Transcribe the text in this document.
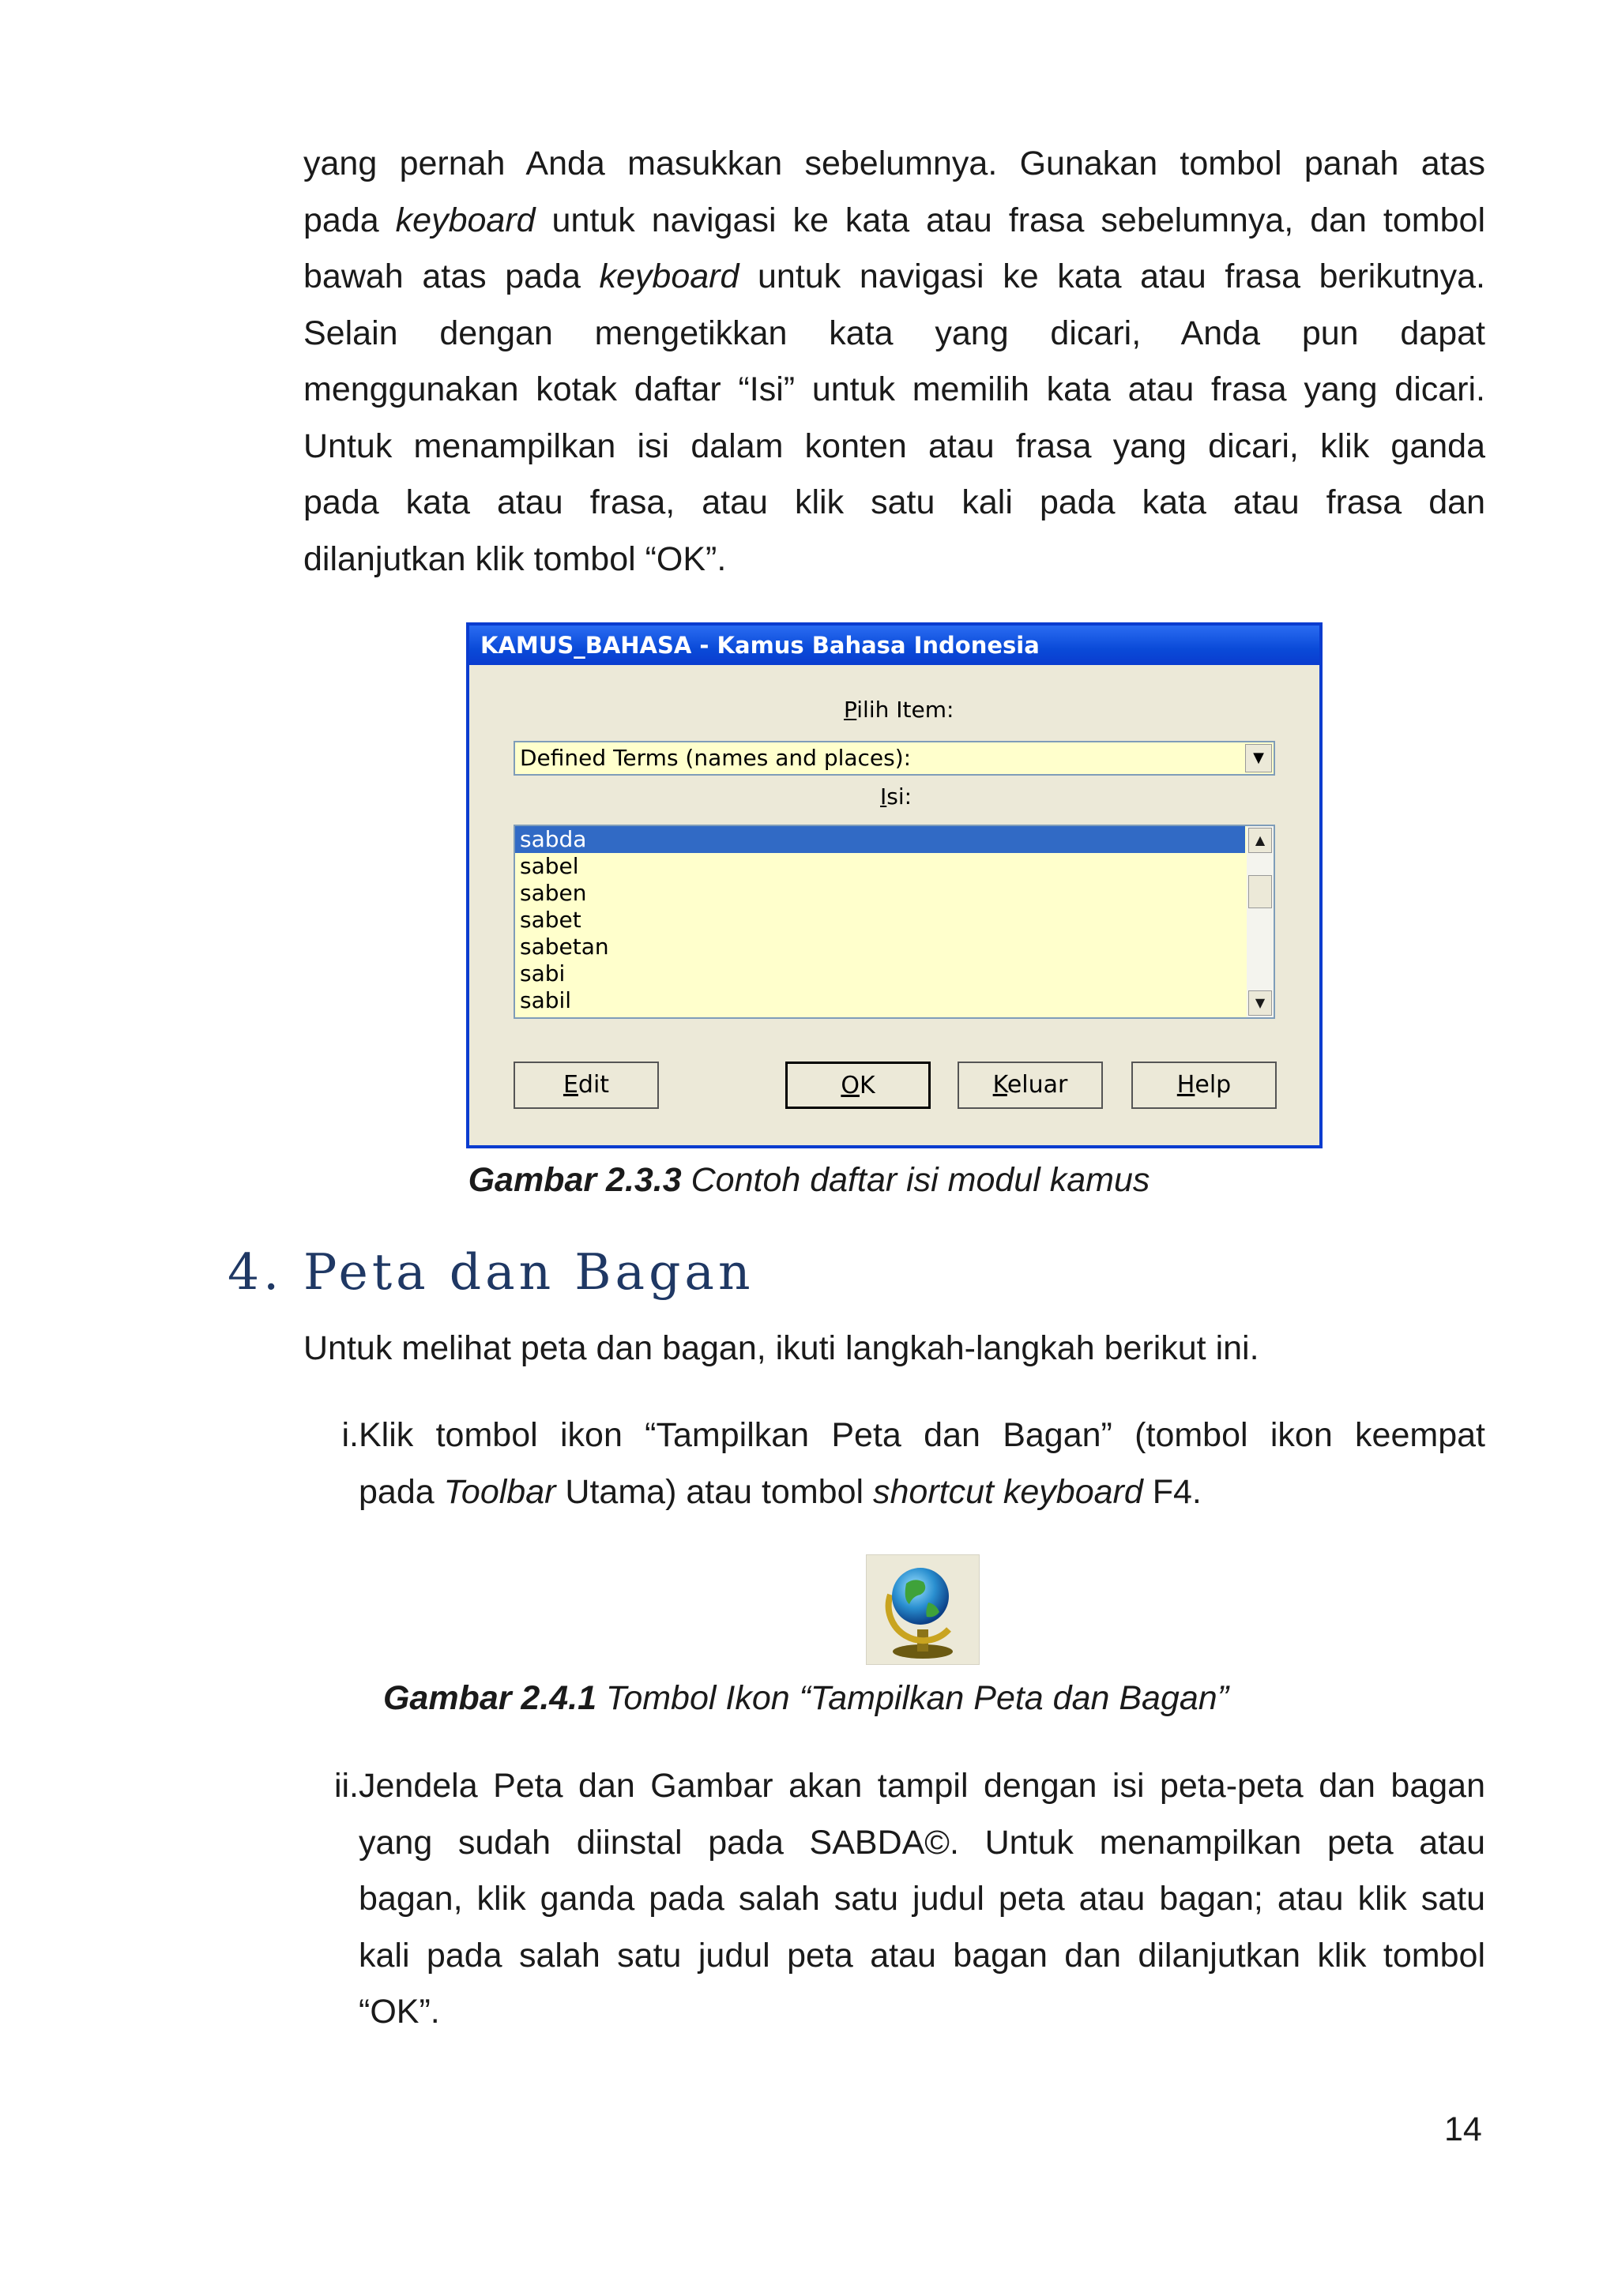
yang pernah Anda masukkan sebelumnya. Gunakan tombol panah atas
pada keyboard untuk navigasi ke kata atau frasa sebelumnya, dan tombol
bawah atas pada keyboard untuk navigasi ke kata atau frasa berikutnya.
Selain dengan mengetikkan kata yang dicari, Anda pun dapat
menggunakan kotak daftar “Isi” untuk memilih kata atau frasa yang dicari.
Untuk menampilkan isi dalam konten atau frasa yang dicari, klik ganda
pada kata atau frasa, atau klik satu kali pada kata atau frasa dan
dilanjutkan klik tombol “OK”.

KAMUS_BAHASA - Kamus Bahasa Indonesia
Pilih Item:
Defined Terms (names and places):	▼
Isi:
sabda
sabel
saben
sabet
sabetan
sabi
sabil
▲
▼
Edit	OK	Keluar	Help
Gambar 2.3.3 Contoh daftar isi modul kamus
4. Peta dan Bagan
Untuk melihat peta dan bagan, ikuti langkah-langkah berikut ini.
i. Klik tombol ikon “Tampilkan Peta dan Bagan” (tombol ikon keempat
pada Toolbar Utama) atau tombol shortcut keyboard F4.
Gambar 2.4.1 Tombol Ikon “Tampilkan Peta dan Bagan”
ii. Jendela Peta dan Gambar akan tampil dengan isi peta-peta dan bagan
yang sudah diinstal pada SABDA©. Untuk menampilkan peta atau
bagan, klik ganda pada salah satu judul peta atau bagan; atau klik satu
kali pada salah satu judul peta atau bagan dan dilanjutkan klik tombol
“OK”.
14
